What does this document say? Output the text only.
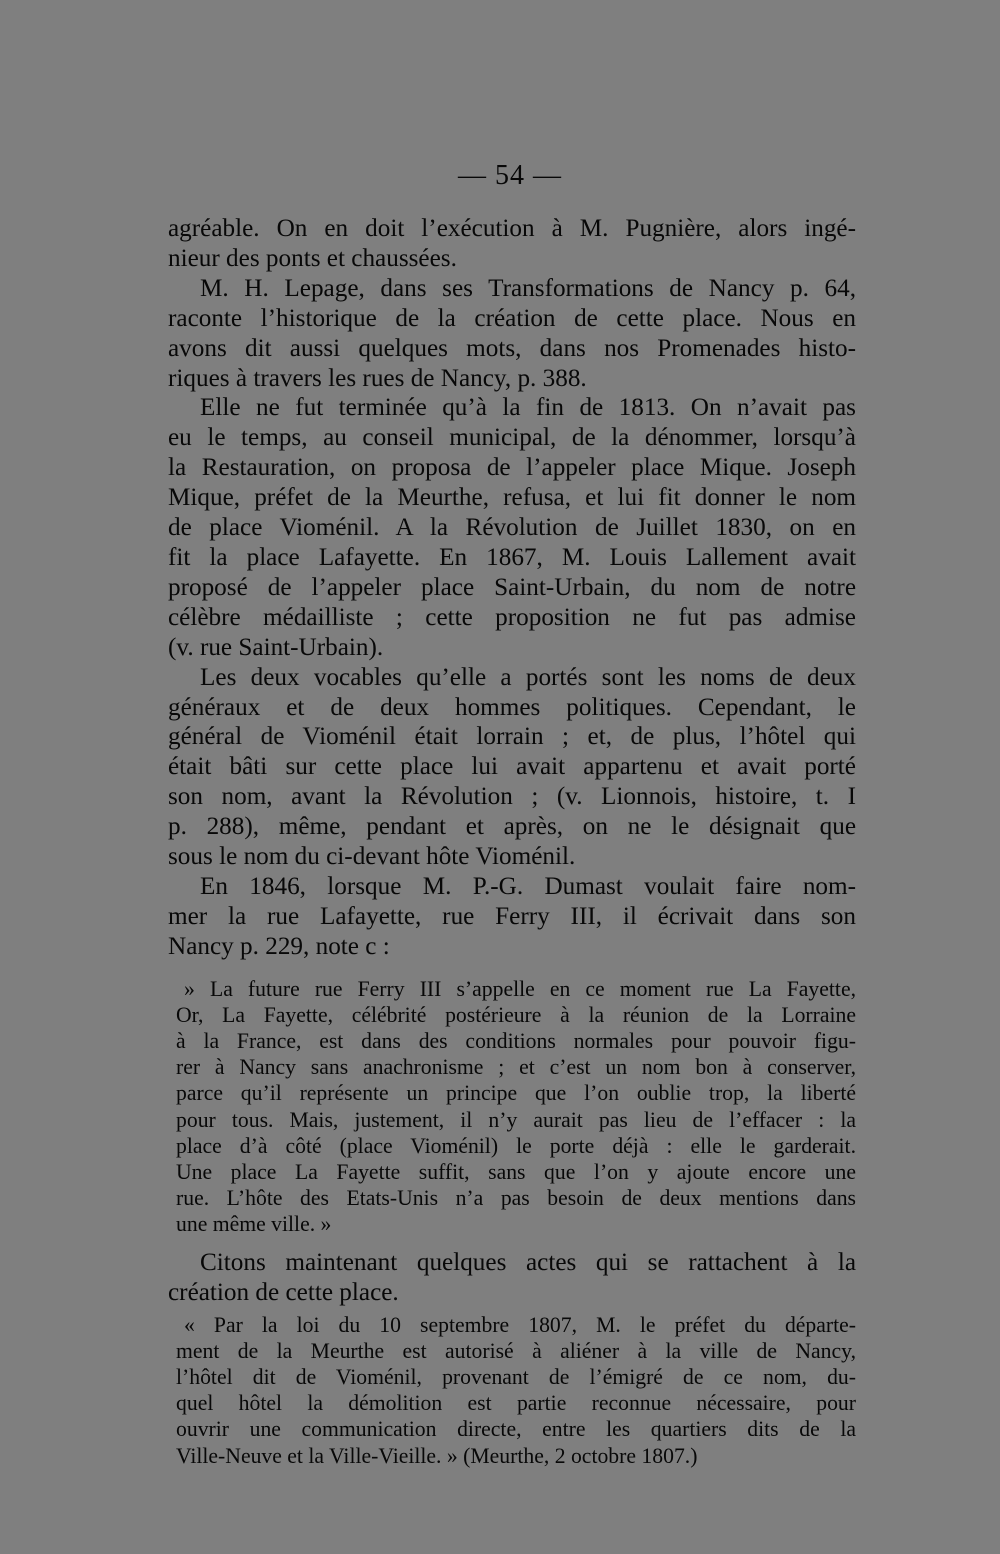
— 54 —

agréable. On en doit l’exécution à M. Pugnière, alors ingé-
nieur des ponts et chaussées.

M. H. Lepage, dans ses Transformations de Nancy p. 64,
raconte l’historique de la création de cette place. Nous en
avons dit aussi quelques mots, dans nos Promenades histo-
riques à travers les rues de Nancy, p. 388.

Elle ne fut terminée qu’à la fin de 1813. On n’avait pas
eu le temps, au conseil municipal, de la dénommer, lorsqu’à
la Restauration, on proposa de l’appeler place Mique. Joseph
Mique, préfet de la Meurthe, refusa, et lui fit donner le nom
de place Vioménil. A la Révolution de Juillet 1830, on en
fit la place Lafayette. En 1867, M. Louis Lallement avait
proposé de l’appeler place Saint-Urbain, du nom de notre
célèbre médailliste ; cette proposition ne fut pas admise
(v. rue Saint-Urbain).

Les deux vocables qu’elle a portés sont les noms de deux
généraux et de deux hommes politiques. Cependant, le
général de Vioménil était lorrain ; et, de plus, l’hôtel qui
était bâti sur cette place lui avait appartenu et avait porté
son nom, avant la Révolution ; (v. Lionnois, histoire, t. I
p. 288), même, pendant et après, on ne le désignait que
sous le nom du ci-devant hôte Vioménil.

En 1846, lorsque M. P.-G. Dumast voulait faire nom-
mer la rue Lafayette, rue Ferry III, il écrivait dans son
Nancy p. 229, note c :

» La future rue Ferry III s’appelle en ce moment rue La Fayette,
Or, La Fayette, célébrité postérieure à la réunion de la Lorraine
à la France, est dans des conditions normales pour pouvoir figu-
rer à Nancy sans anachronisme ; et c’est un nom bon à conserver,
parce qu’il représente un principe que l’on oublie trop, la liberté
pour tous. Mais, justement, il n’y aurait pas lieu de l’effacer : la
place d’à côté (place Vioménil) le porte déjà : elle le garderait.
Une place La Fayette suffit, sans que l’on y ajoute encore une
rue. L’hôte des Etats-Unis n’a pas besoin de deux mentions dans
une même ville. »

Citons maintenant quelques actes qui se rattachent à la
création de cette place.

« Par la loi du 10 septembre 1807, M. le préfet du départe-
ment de la Meurthe est autorisé à aliéner à la ville de Nancy,
l’hôtel dit de Vioménil, provenant de l’émigré de ce nom, du-
quel hôtel la démolition est partie reconnue nécessaire, pour
ouvrir une communication directe, entre les quartiers dits de la
Ville-Neuve et la Ville-Vieille. » (Meurthe, 2 octobre 1807.)
